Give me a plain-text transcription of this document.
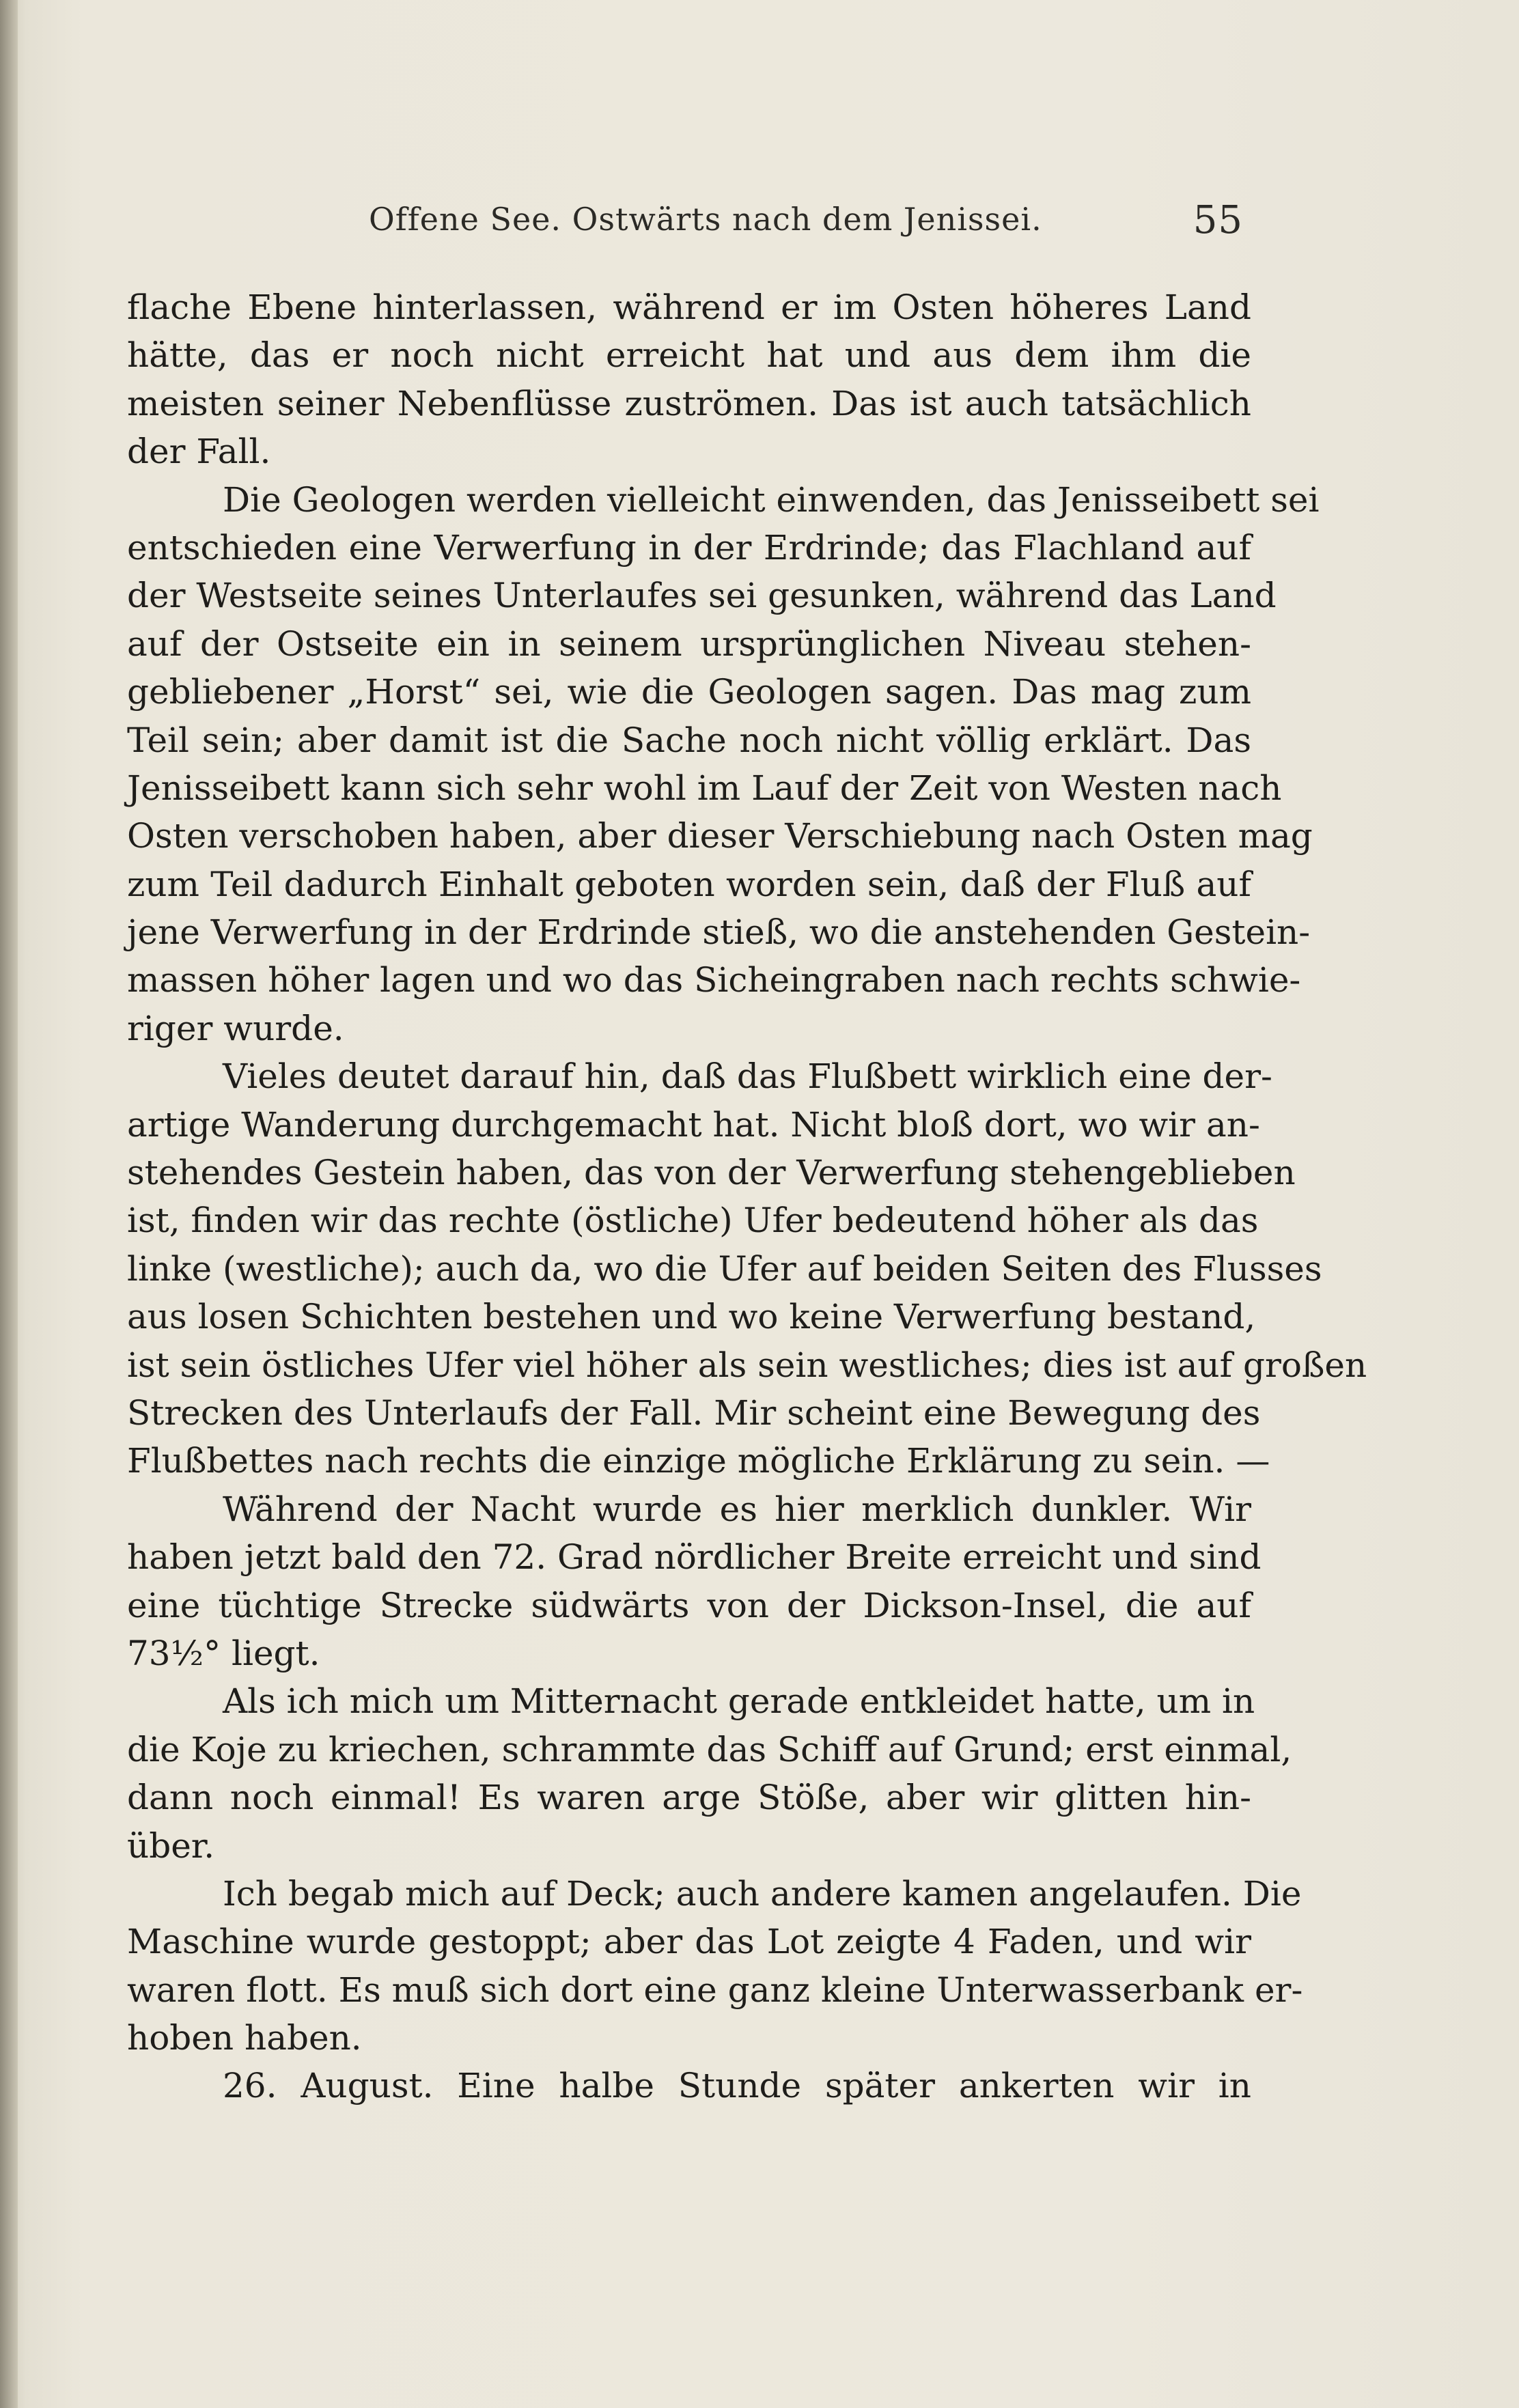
Offene See. Ostwärts nach dem Jenissei.	55
flache Ebene hinterlassen, während er im Osten höheres Land
hätte, das er noch nicht erreicht hat und aus dem ihm die
meisten seiner Nebenflüsse zuströmen. Das ist auch tatsächlich
der Fall.
Die Geologen werden vielleicht einwenden, das Jenisseibett sei
entschieden eine Verwerfung in der Erdrinde; das Flachland auf
der Westseite seines Unterlaufes sei gesunken, während das Land
auf der Ostseite ein in seinem ursprünglichen Niveau stehen-
gebliebener „Horst“ sei, wie die Geologen sagen. Das mag zum
Teil sein; aber damit ist die Sache noch nicht völlig erklärt. Das
Jenisseibett kann sich sehr wohl im Lauf der Zeit von Westen nach
Osten verschoben haben, aber dieser Verschiebung nach Osten mag
zum Teil dadurch Einhalt geboten worden sein, daß der Fluß auf
jene Verwerfung in der Erdrinde stieß, wo die anstehenden Gestein-
massen höher lagen und wo das Sicheingraben nach rechts schwie-
riger wurde.
Vieles deutet darauf hin, daß das Flußbett wirklich eine der-
artige Wanderung durchgemacht hat. Nicht bloß dort, wo wir an-
stehendes Gestein haben, das von der Verwerfung stehengeblieben
ist, finden wir das rechte (östliche) Ufer bedeutend höher als das
linke (westliche); auch da, wo die Ufer auf beiden Seiten des Flusses
aus losen Schichten bestehen und wo keine Verwerfung bestand,
ist sein östliches Ufer viel höher als sein westliches; dies ist auf großen
Strecken des Unterlaufs der Fall. Mir scheint eine Bewegung des
Flußbettes nach rechts die einzige mögliche Erklärung zu sein. —
Während der Nacht wurde es hier merklich dunkler. Wir
haben jetzt bald den 72. Grad nördlicher Breite erreicht und sind
eine tüchtige Strecke südwärts von der Dickson-Insel, die auf
73½° liegt.
Als ich mich um Mitternacht gerade entkleidet hatte, um in
die Koje zu kriechen, schrammte das Schiff auf Grund; erst einmal,
dann noch einmal! Es waren arge Stöße, aber wir glitten hin-
über.
Ich begab mich auf Deck; auch andere kamen angelaufen. Die
Maschine wurde gestoppt; aber das Lot zeigte 4 Faden, und wir
waren flott. Es muß sich dort eine ganz kleine Unterwasserbank er-
hoben haben.
26. August. Eine halbe Stunde später ankerten wir in
